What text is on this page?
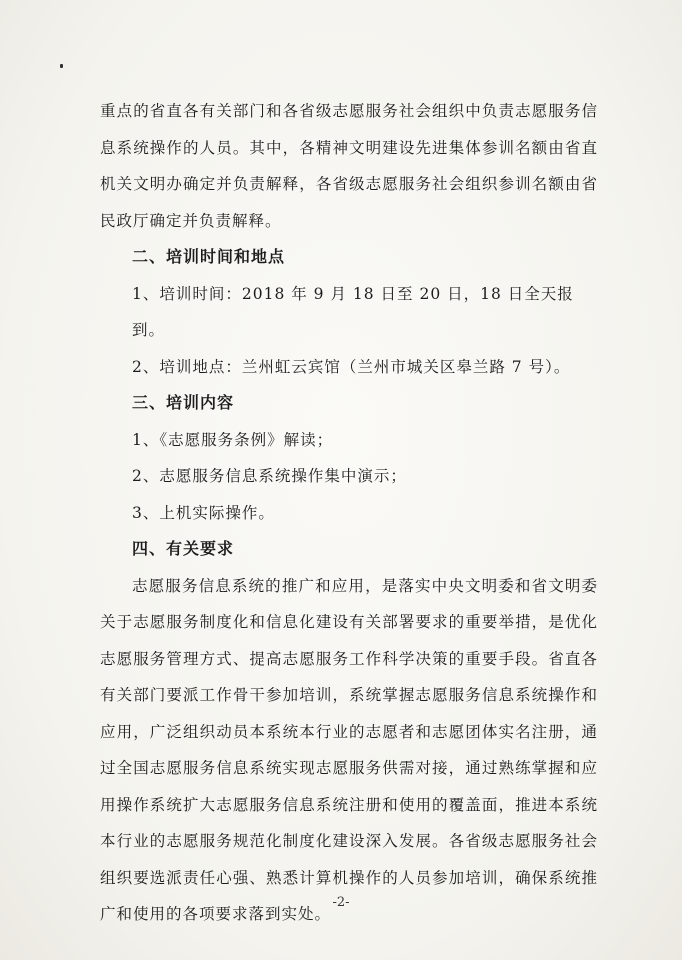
重点的省直各有关部门和各省级志愿服务社会组织中负责志愿服务信息系统操作的人员。其中，各精神文明建设先进集体参训名额由省直机关文明办确定并负责解释，各省级志愿服务社会组织参训名额由省民政厅确定并负责解释。

二、培训时间和地点

1、培训时间：2018 年 9 月 18 日至 20 日，18 日全天报到。

2、培训地点：兰州虹云宾馆（兰州市城关区皋兰路 7 号）。

三、培训内容

1、《志愿服务条例》解读；

2、志愿服务信息系统操作集中演示；

3、上机实际操作。

四、有关要求

志愿服务信息系统的推广和应用，是落实中央文明委和省文明委关于志愿服务制度化和信息化建设有关部署要求的重要举措，是优化志愿服务管理方式、提高志愿服务工作科学决策的重要手段。省直各有关部门要派工作骨干参加培训，系统掌握志愿服务信息系统操作和应用，广泛组织动员本系统本行业的志愿者和志愿团体实名注册，通过全国志愿服务信息系统实现志愿服务供需对接，通过熟练掌握和应用操作系统扩大志愿服务信息系统注册和使用的覆盖面，推进本系统本行业的志愿服务规范化制度化建设深入发展。各省级志愿服务社会组织要选派责任心强、熟悉计算机操作的人员参加培训，确保系统推广和使用的各项要求落到实处。

-2-
